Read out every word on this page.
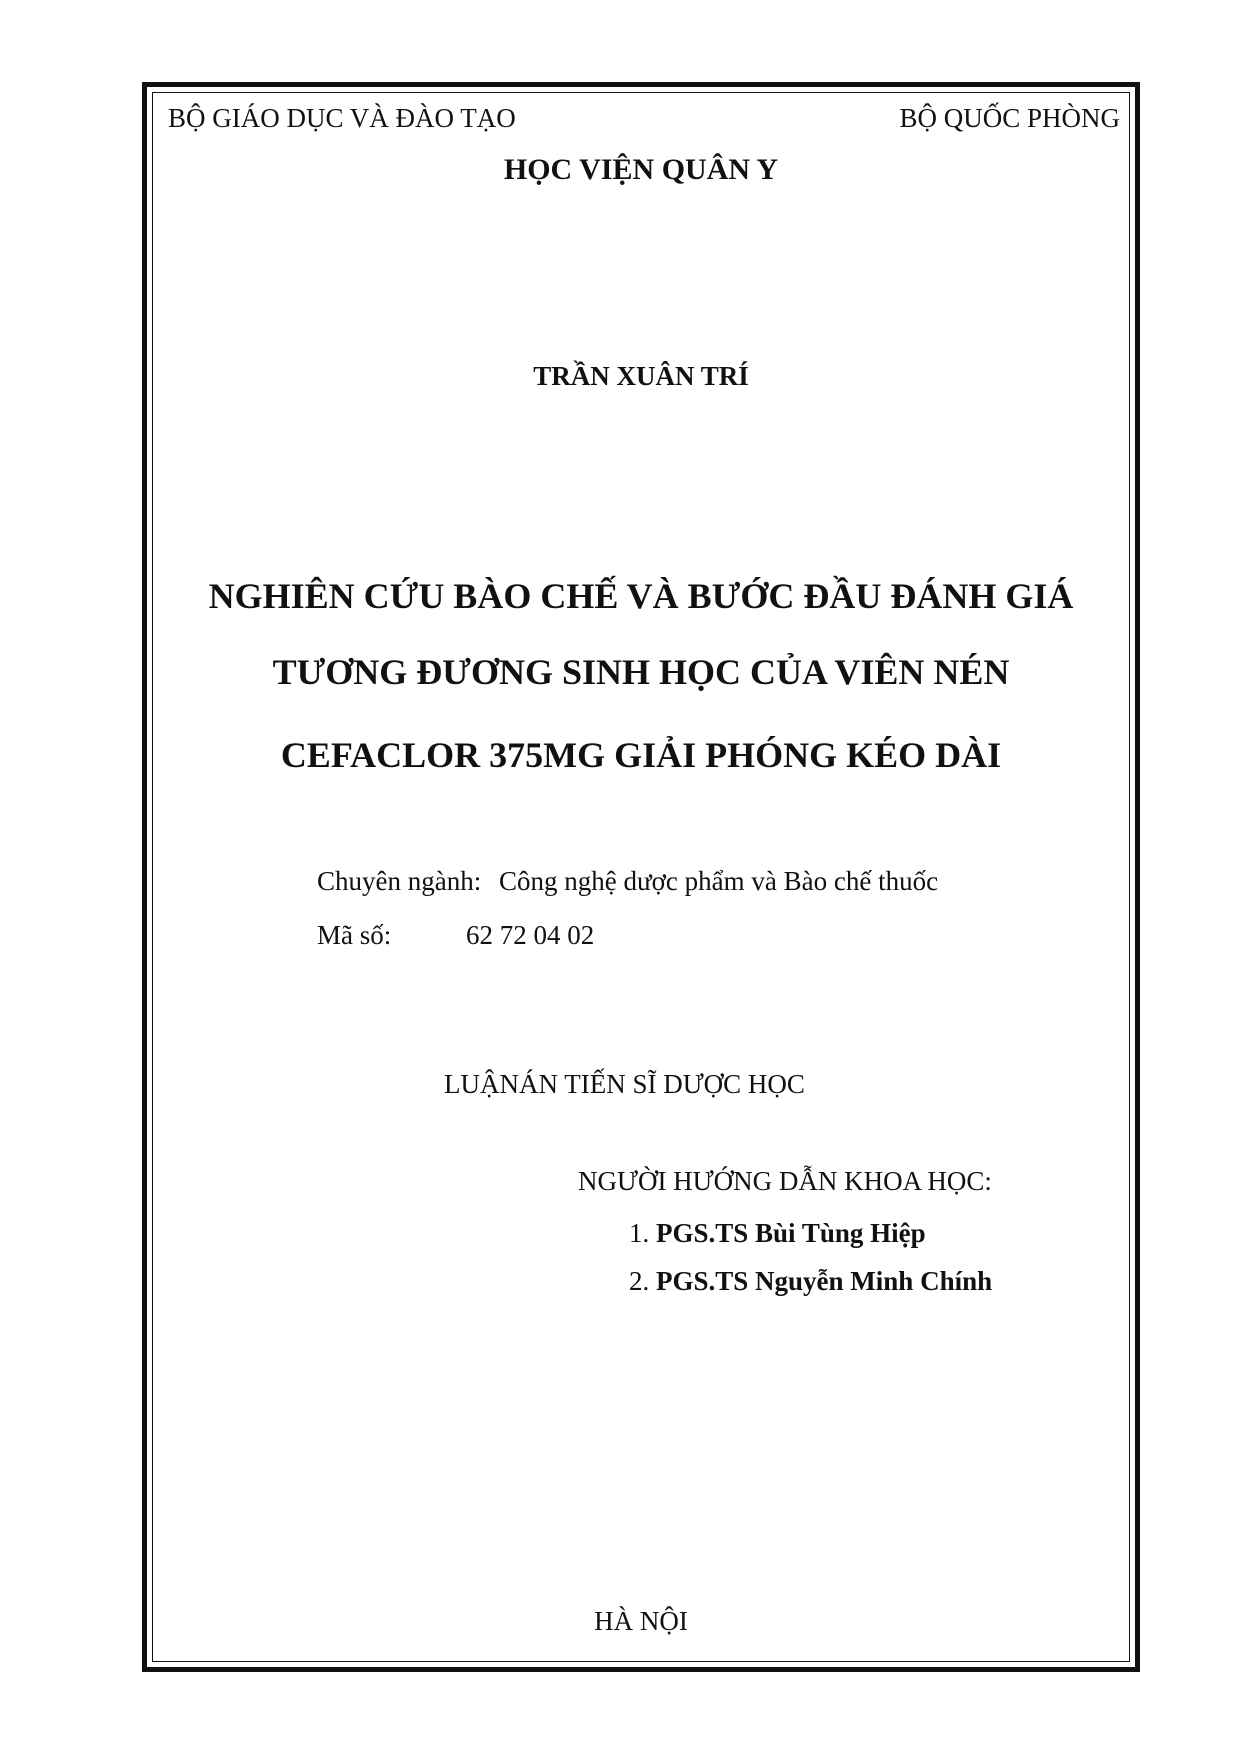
BỘ GIÁO DỤC VÀ ĐÀO TẠO	BỘ QUỐC PHÒNG
HỌC VIỆN QUÂN Y
TRẦN XUÂN TRÍ
NGHIÊN CỨU BÀO CHẾ VÀ BƯỚC ĐẦU ĐÁNH GIÁ
TƯƠNG ĐƯƠNG SINH HỌC CỦA VIÊN NÉN
CEFACLOR 375MG GIẢI PHÓNG KÉO DÀI
Chuyên ngành: Công nghệ dược phẩm và Bào chế thuốc
Mã số:	62 72 04 02
LUẬNÁN TIẾN SĨ DƯỢC HỌC
NGƯỜI HƯỚNG DẪN KHOA HỌC:
1. PGS.TS Bùi Tùng Hiệp
2. PGS.TS Nguyễn Minh Chính
HÀ NỘI
